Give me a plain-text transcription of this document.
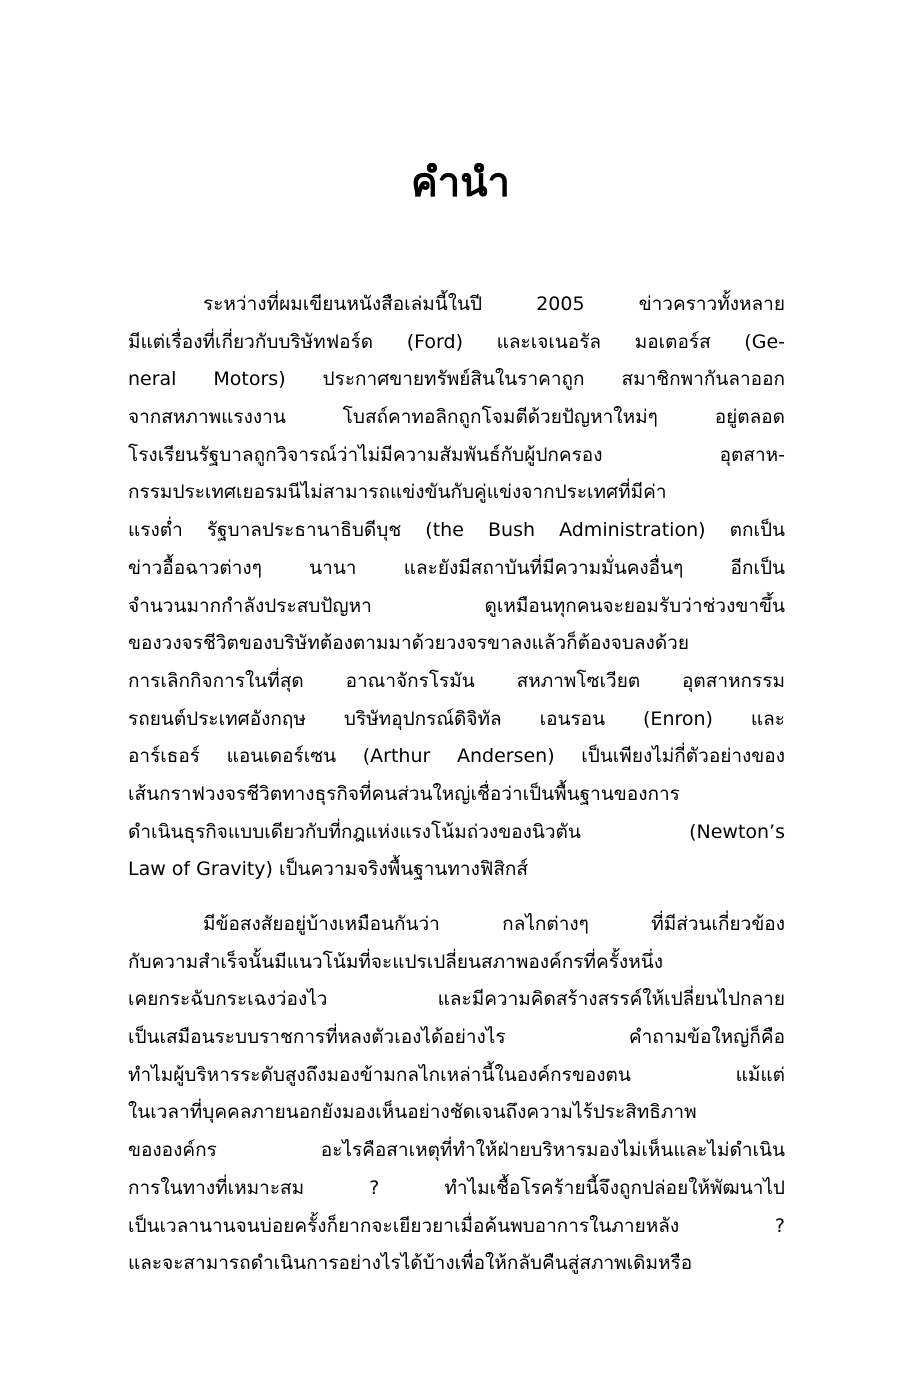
คำนำ
ระหว่างที่ผมเขียนหนังสือเล่มนี้ในปี 2005 ข่าวคราวทั้งหลาย
มีแต่เรื่องที่เกี่ยวกับบริษัทฟอร์ด (Ford) และเจเนอรัล มอเตอร์ส (Ge-
neral Motors) ประกาศขายทรัพย์สินในราคาถูก สมาชิกพากันลาออก
จากสหภาพแรงงาน โบสถ์คาทอลิกถูกโจมตีด้วยปัญหาใหม่ๆ อยู่ตลอด
โรงเรียนรัฐบาลถูกวิจารณ์ว่าไม่มีความสัมพันธ์กับผู้ปกครอง อุตสาห-
กรรมประเทศเยอรมนีไม่สามารถแข่งขันกับคู่แข่งจากประเทศที่มีค่า
แรงต่ำ รัฐบาลประธานาธิบดีบุช (the Bush Administration) ตกเป็น
ข่าวอื้อฉาวต่างๆ นานา และยังมีสถาบันที่มีความมั่นคงอื่นๆ อีกเป็น
จำนวนมากกำลังประสบปัญหา ดูเหมือนทุกคนจะยอมรับว่าช่วงขาขึ้น
ของวงจรชีวิตของบริษัทต้องตามมาด้วยวงจรขาลงแล้วก็ต้องจบลงด้วย
การเลิกกิจการในที่สุด อาณาจักรโรมัน สหภาพโซเวียต อุตสาหกรรม
รถยนต์ประเทศอังกฤษ บริษัทอุปกรณ์ดิจิทัล เอนรอน (Enron) และ
อาร์เธอร์ แอนเดอร์เซน (Arthur Andersen) เป็นเพียงไม่กี่ตัวอย่างของ
เส้นกราฟวงจรชีวิตทางธุรกิจที่คนส่วนใหญ่เชื่อว่าเป็นพื้นฐานของการ
ดำเนินธุรกิจแบบเดียวกับที่กฎแห่งแรงโน้มถ่วงของนิวตัน (Newton’s
Law of Gravity) เป็นความจริงพื้นฐานทางฟิสิกส์
มีข้อสงสัยอยู่บ้างเหมือนกันว่า กลไกต่างๆ ที่มีส่วนเกี่ยวข้อง
กับความสำเร็จนั้นมีแนวโน้มที่จะแปรเปลี่ยนสภาพองค์กรที่ครั้งหนึ่ง
เคยกระฉับกระเฉงว่องไว และมีความคิดสร้างสรรค์ให้เปลี่ยนไปกลาย
เป็นเสมือนระบบราชการที่หลงตัวเองได้อย่างไร คำถามข้อใหญ่ก็คือ
ทำไมผู้บริหารระดับสูงถึงมองข้ามกลไกเหล่านี้ในองค์กรของตน แม้แต่
ในเวลาที่บุคคลภายนอกยังมองเห็นอย่างชัดเจนถึงความไร้ประสิทธิภาพ
ขององค์กร อะไรคือสาเหตุที่ทำให้ฝ่ายบริหารมองไม่เห็นและไม่ดำเนิน
การในทางที่เหมาะสม ? ทำไมเชื้อโรคร้ายนี้จึงถูกปล่อยให้พัฒนาไป
เป็นเวลานานจนบ่อยครั้งก็ยากจะเยียวยาเมื่อค้นพบอาการในภายหลัง ?
และจะสามารถดำเนินการอย่างไรได้บ้างเพื่อให้กลับคืนสู่สภาพเดิมหรือ
